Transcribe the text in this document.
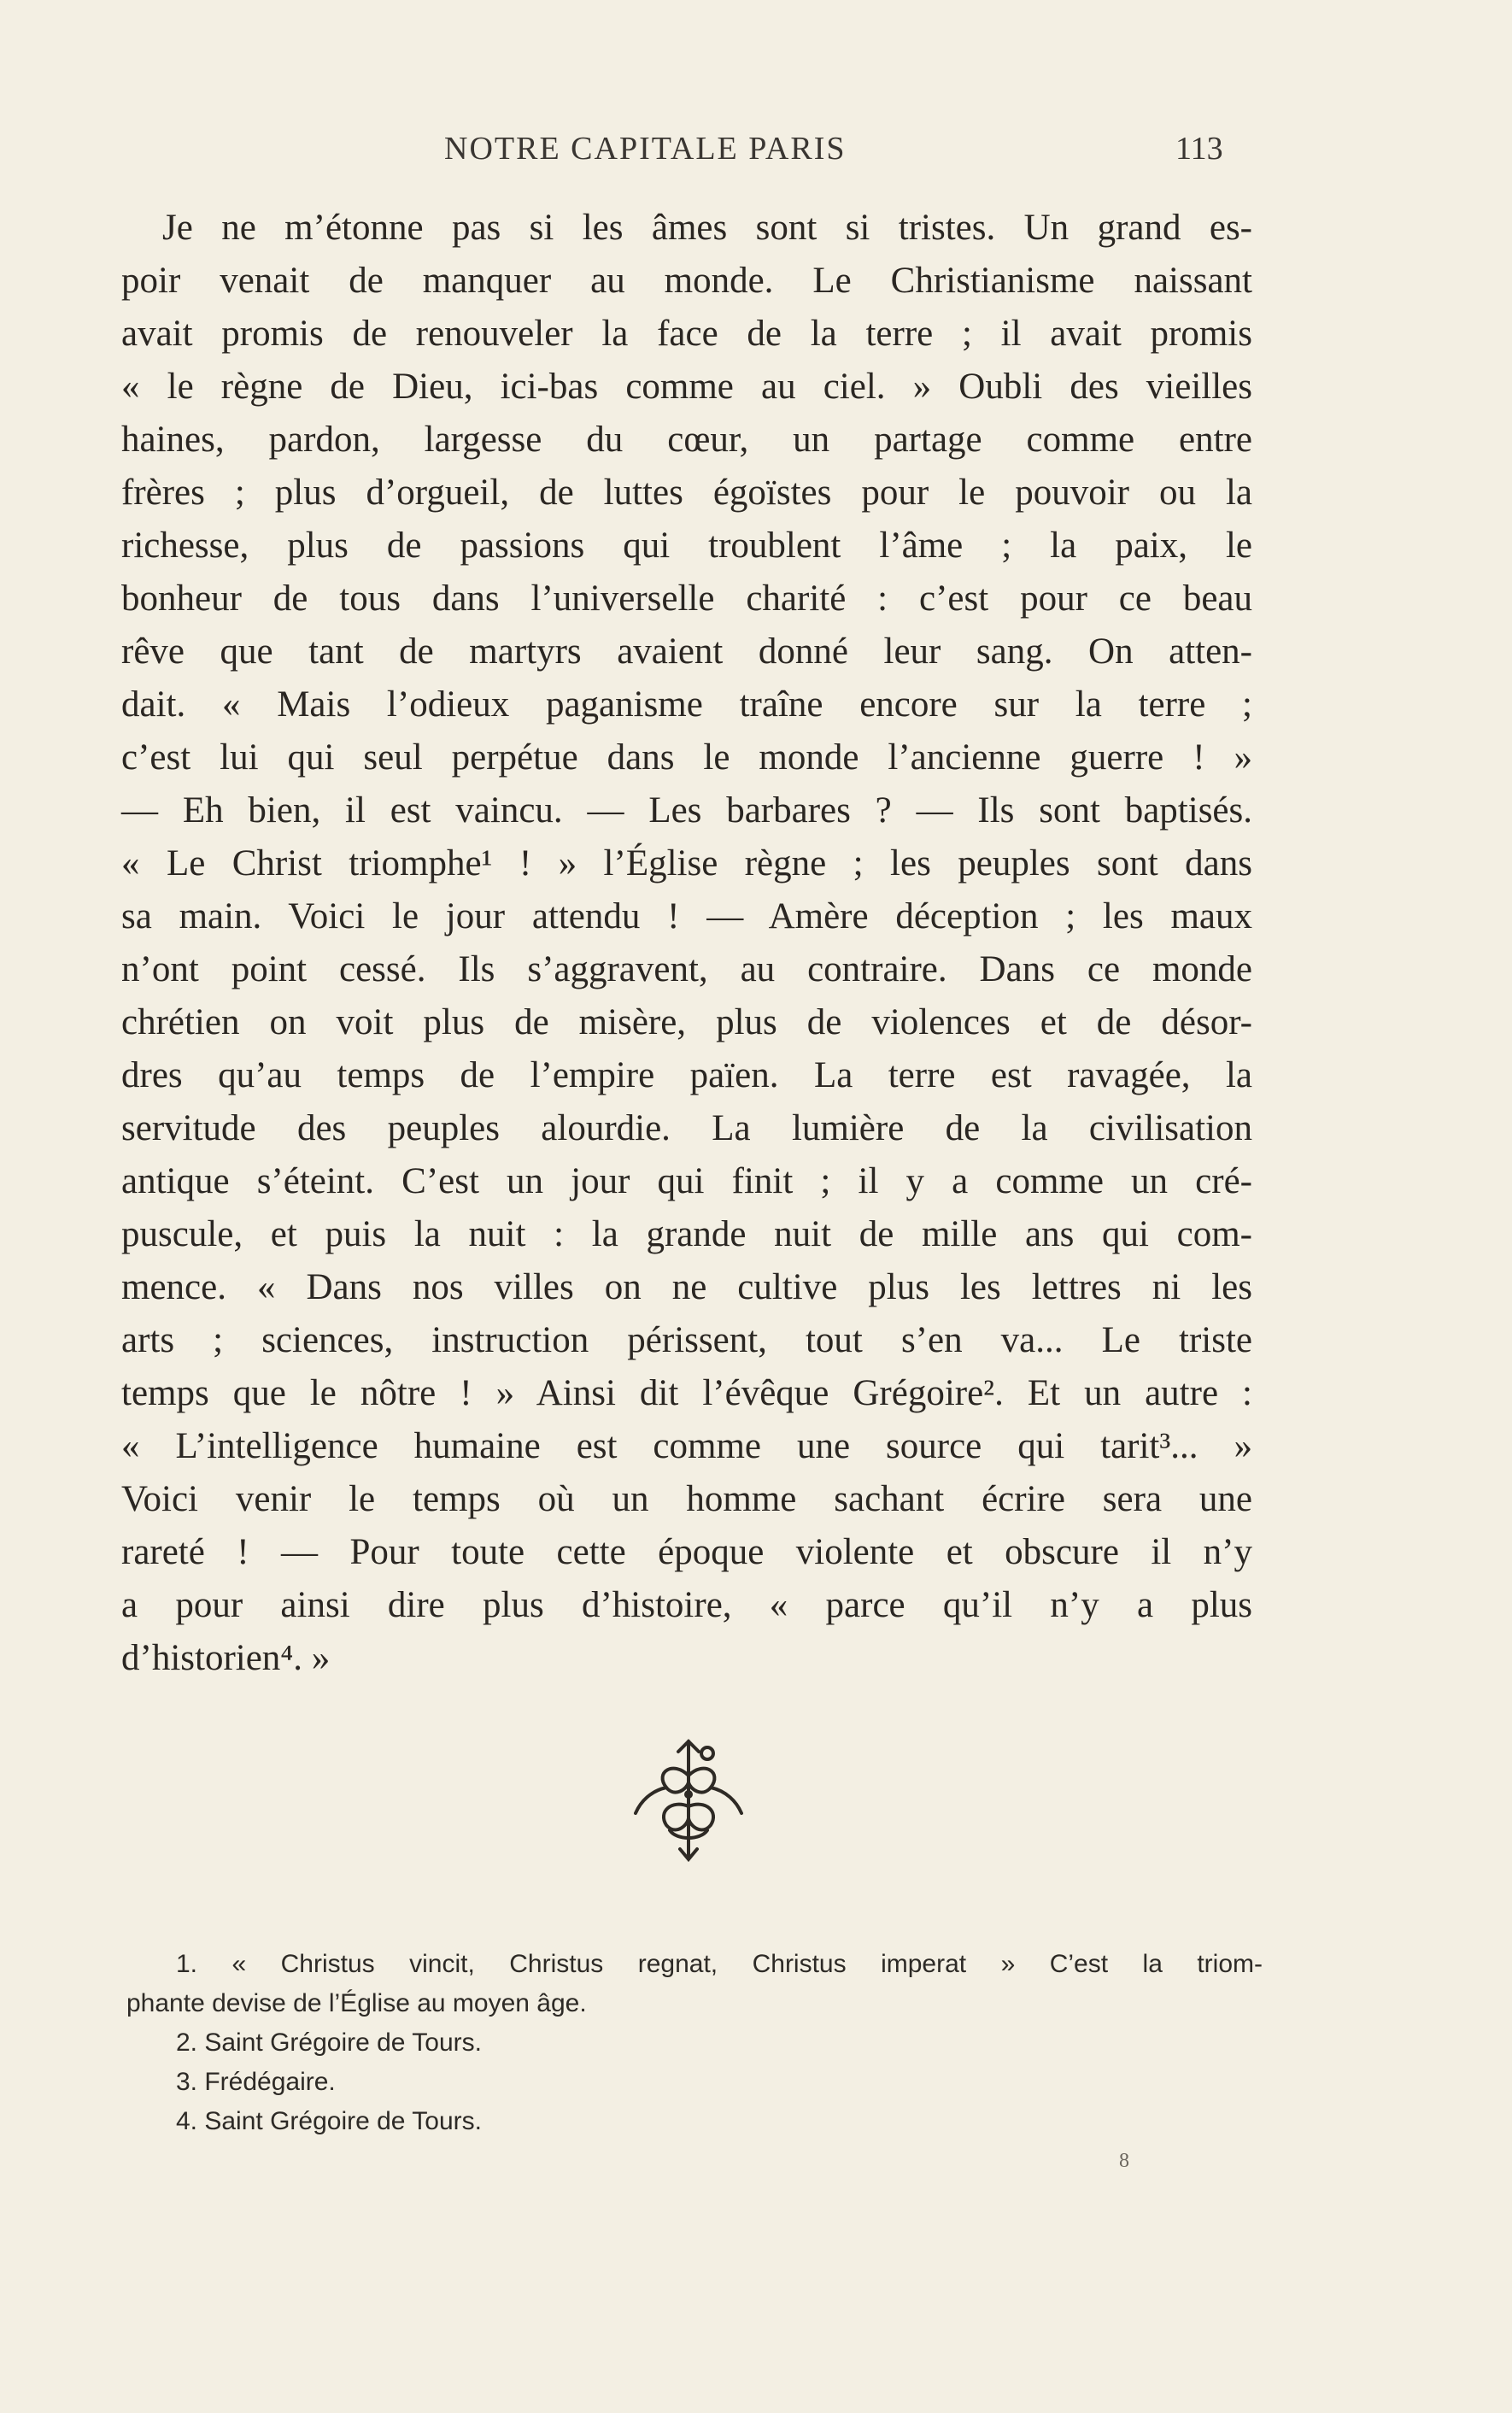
NOTRE CAPITALE PARIS	113
Je ne m’étonne pas si les âmes sont si tristes. Un grand es-
poir venait de manquer au monde. Le Christianisme naissant
avait promis de renouveler la face de la terre ; il avait promis
« le règne de Dieu, ici-bas comme au ciel. » Oubli des vieilles
haines, pardon, largesse du cœur, un partage comme entre
frères ; plus d’orgueil, de luttes égoïstes pour le pouvoir ou la
richesse, plus de passions qui troublent l’âme ; la paix, le
bonheur de tous dans l’universelle charité : c’est pour ce beau
rêve que tant de martyrs avaient donné leur sang. On atten-
dait. « Mais l’odieux paganisme traîne encore sur la terre ;
c’est lui qui seul perpétue dans le monde l’ancienne guerre ! »
— Eh bien, il est vaincu. — Les barbares ? — Ils sont baptisés.
« Le Christ triomphe¹ ! » l’Église règne ; les peuples sont dans
sa main. Voici le jour attendu ! — Amère déception ; les maux
n’ont point cessé. Ils s’aggravent, au contraire. Dans ce monde
chrétien on voit plus de misère, plus de violences et de désor-
dres qu’au temps de l’empire païen. La terre est ravagée, la
servitude des peuples alourdie. La lumière de la civilisation
antique s’éteint. C’est un jour qui finit ; il y a comme un cré-
puscule, et puis la nuit : la grande nuit de mille ans qui com-
mence. « Dans nos villes on ne cultive plus les lettres ni les
arts ; sciences, instruction périssent, tout s’en va... Le triste
temps que le nôtre ! » Ainsi dit l’évêque Grégoire². Et un autre :
« L’intelligence humaine est comme une source qui tarit³... »
Voici venir le temps où un homme sachant écrire sera une
rareté ! — Pour toute cette époque violente et obscure il n’y
a pour ainsi dire plus d’histoire, « parce qu’il n’y a plus
d’historien⁴. »
1. « Christus vincit, Christus regnat, Christus imperat » C’est la triom-
phante devise de l’Église au moyen âge.
2. Saint Grégoire de Tours.
3. Frédégaire.
4. Saint Grégoire de Tours.
8
